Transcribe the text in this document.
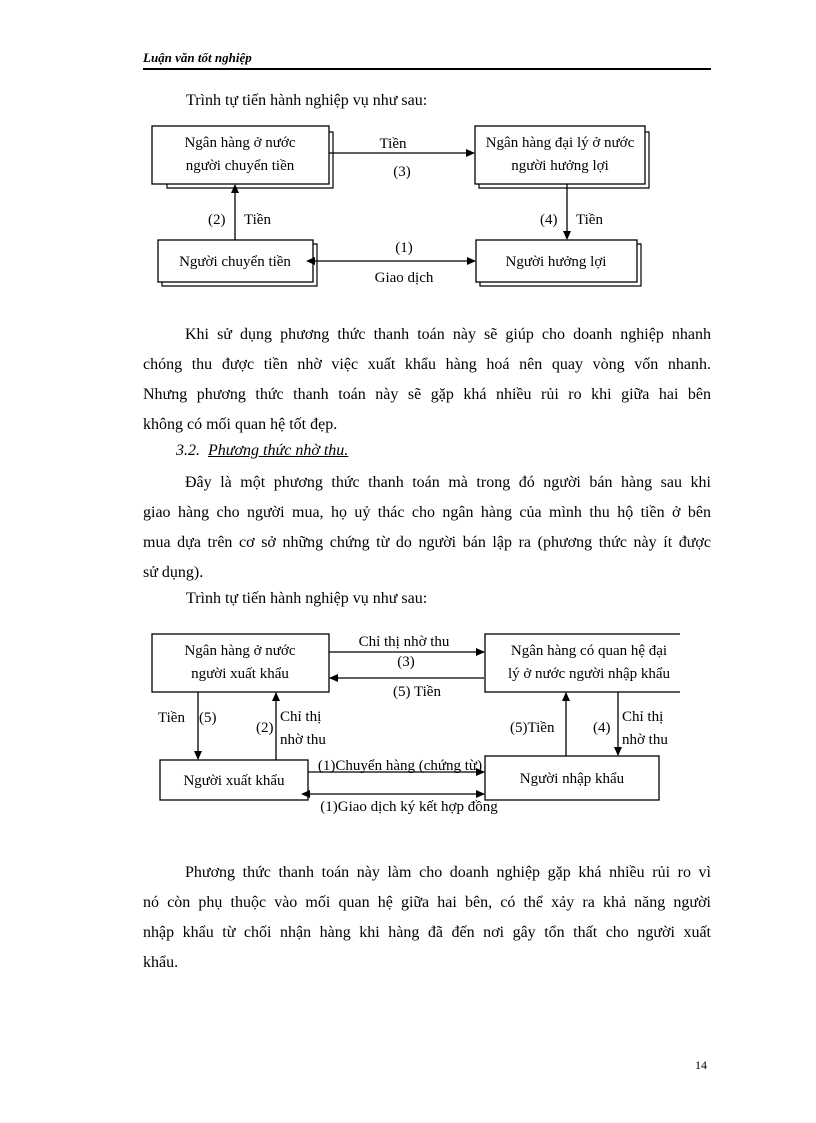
Luận văn tốt nghiệp
Trình tự tiến hành nghiệp vụ như sau:
Ngân hàng ở nước
người chuyển tiền
Ngân hàng đại lý ở nước
người hưởng lợi
Người chuyển tiền	Người hưởng lợi
Tiền
(3)
(2) Tiền	(4) Tiền
(1)
Giao dịch
Khi sử dụng phương thức thanh toán này sẽ giúp cho doanh nghiệp nhanh
chóng thu được tiền nhờ việc xuất khẩu hàng hoá nên quay vòng vốn nhanh.
Nhưng phương thức thanh toán này sẽ gặp khá nhiều rủi ro khi giữa hai bên
không có mối quan hệ tốt đẹp.
3.2. Phương thức nhờ thu.
Đây là một phương thức thanh toán mà trong đó người bán hàng sau khi
giao hàng cho người mua, họ uỷ thác cho ngân hàng của mình thu hộ tiền ở bên
mua dựa trên cơ sở những chứng từ do người bán lập ra (phương thức này ít được
sử dụng).
Trình tự tiến hành nghiệp vụ như sau:
Ngân hàng ở nước
người xuất khẩu
Ngân hàng có quan hệ đại
lý ở nước người nhập khẩu
Người xuất khẩu	Người nhập khẩu
Chỉ thị nhờ thu
(3)
(5) Tiền
Tiền (5)
(2)
Chỉ thị
nhờ thu
(5)Tiền	(4)
Chỉ thị
nhờ thu
(1)Chuyển hàng (chứng từ)
(1)Giao dịch ký kết hợp đồng
Phương thức thanh toán này làm cho doanh nghiệp gặp khá nhiều rủi ro vì
nó còn phụ thuộc vào mối quan hệ giữa hai bên, có thể xảy ra khả năng người
nhập khẩu từ chối nhận hàng khi hàng đã đến nơi gây tổn thất cho người xuất
khẩu.
14
